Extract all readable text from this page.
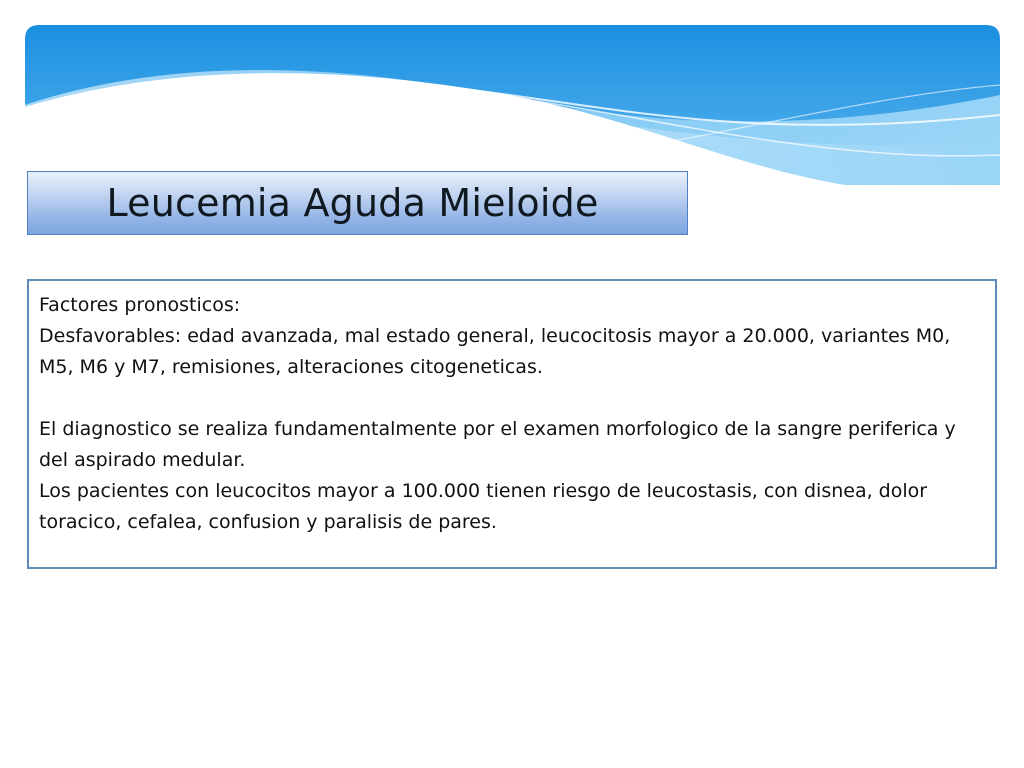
Leucemia Aguda Mieloide

Factores pronosticos:

Desfavorables: edad avanzada, mal estado general, leucocitosis mayor a 20.000, variantes M0, M5, M6 y M7, remisiones, alteraciones citogeneticas.

El diagnostico se realiza fundamentalmente por el examen morfologico de la sangre periferica y del aspirado medular.

Los pacientes con leucocitos mayor a 100.000 tienen riesgo de leucostasis, con disnea, dolor toracico, cefalea, confusion y paralisis de pares.
